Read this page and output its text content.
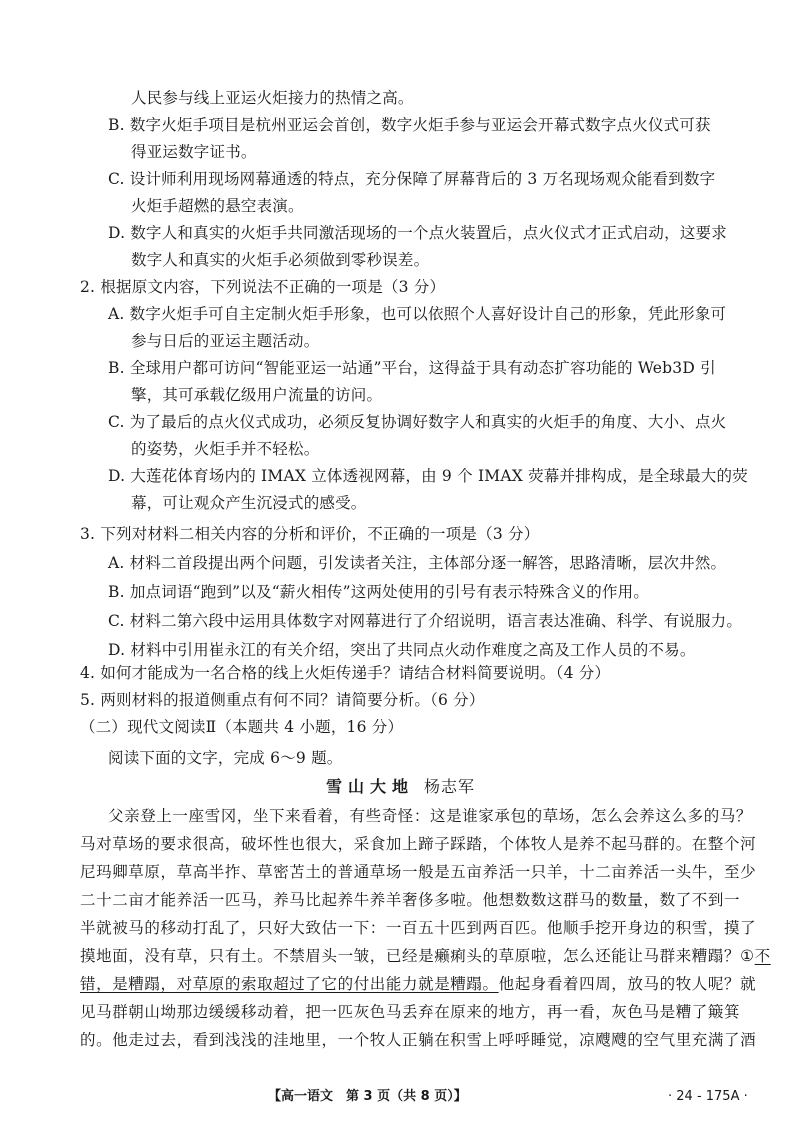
人民参与线上亚运火炬接力的热情之高。
B. 数字火炬手项目是杭州亚运会首创，数字火炬手参与亚运会开幕式数字点火仪式可获
得亚运数字证书。
C. 设计师利用现场网幕通透的特点，充分保障了屏幕背后的 3 万名现场观众能看到数字
火炬手超燃的悬空表演。
D. 数字人和真实的火炬手共同激活现场的一个点火装置后，点火仪式才正式启动，这要求
数字人和真实的火炬手必须做到零秒误差。
2. 根据原文内容，下列说法不正确的一项是（3 分）
A. 数字火炬手可自主定制火炬手形象，也可以依照个人喜好设计自己的形象，凭此形象可
参与日后的亚运主题活动。
B. 全球用户都可访问“智能亚运一站通”平台，这得益于具有动态扩容功能的 Web3D 引
擎，其可承载亿级用户流量的访问。
C. 为了最后的点火仪式成功，必须反复协调好数字人和真实的火炬手的角度、大小、点火
的姿势，火炬手并不轻松。
D. 大莲花体育场内的 IMAX 立体透视网幕，由 9 个 IMAX 荧幕并排构成，是全球最大的荧
幕，可让观众产生沉浸式的感受。
3. 下列对材料二相关内容的分析和评价，不正确的一项是（3 分）
A. 材料二首段提出两个问题，引发读者关注，主体部分逐一解答，思路清晰，层次井然。
B. 加点词语“跑到”以及“薪火相传”这两处使用的引号有表示特殊含义的作用。
C. 材料二第六段中运用具体数字对网幕进行了介绍说明，语言表达准确、科学、有说服力。
D. 材料中引用崔永江的有关介绍，突出了共同点火动作难度之高及工作人员的不易。
4. 如何才能成为一名合格的线上火炬传递手？请结合材料简要说明。（4 分）
5. 两则材料的报道侧重点有何不同？请简要分析。（6 分）
（二）现代文阅读Ⅱ（本题共 4 小题，16 分）
阅读下面的文字，完成 6～9 题。
雪山大地 杨志军
父亲登上一座雪冈，坐下来看着，有些奇怪：这是谁家承包的草场，怎么会养这么多的马？
马对草场的要求很高，破坏性也很大，采食加上蹄子踩踏，个体牧人是养不起马群的。在整个河
尼玛卿草原，草高半拃、草密苫土的普通草场一般是五亩养活一只羊，十二亩养活一头牛，至少
二十二亩才能养活一匹马，养马比起养牛养羊奢侈多啦。他想数数这群马的数量，数了不到一
半就被马的移动打乱了，只好大致估一下：一百五十匹到两百匹。他顺手挖开身边的积雪，摸了
摸地面，没有草，只有土。不禁眉头一皱，已经是癞痢头的草原啦，怎么还能让马群来糟蹋？①不
错，是糟蹋，对草原的索取超过了它的付出能力就是糟蹋。他起身看着四周，放马的牧人呢？就
见马群朝山坳那边缓缓移动着，把一匹灰色马丢弃在原来的地方，再一看，灰色马是糟了簸箕
的。他走过去，看到浅浅的洼地里，一个牧人正躺在积雪上呼呼睡觉，凉飕飕的空气里充满了酒
【高一语文　第 3 页（共 8 页）】	· 24 - 175A ·
